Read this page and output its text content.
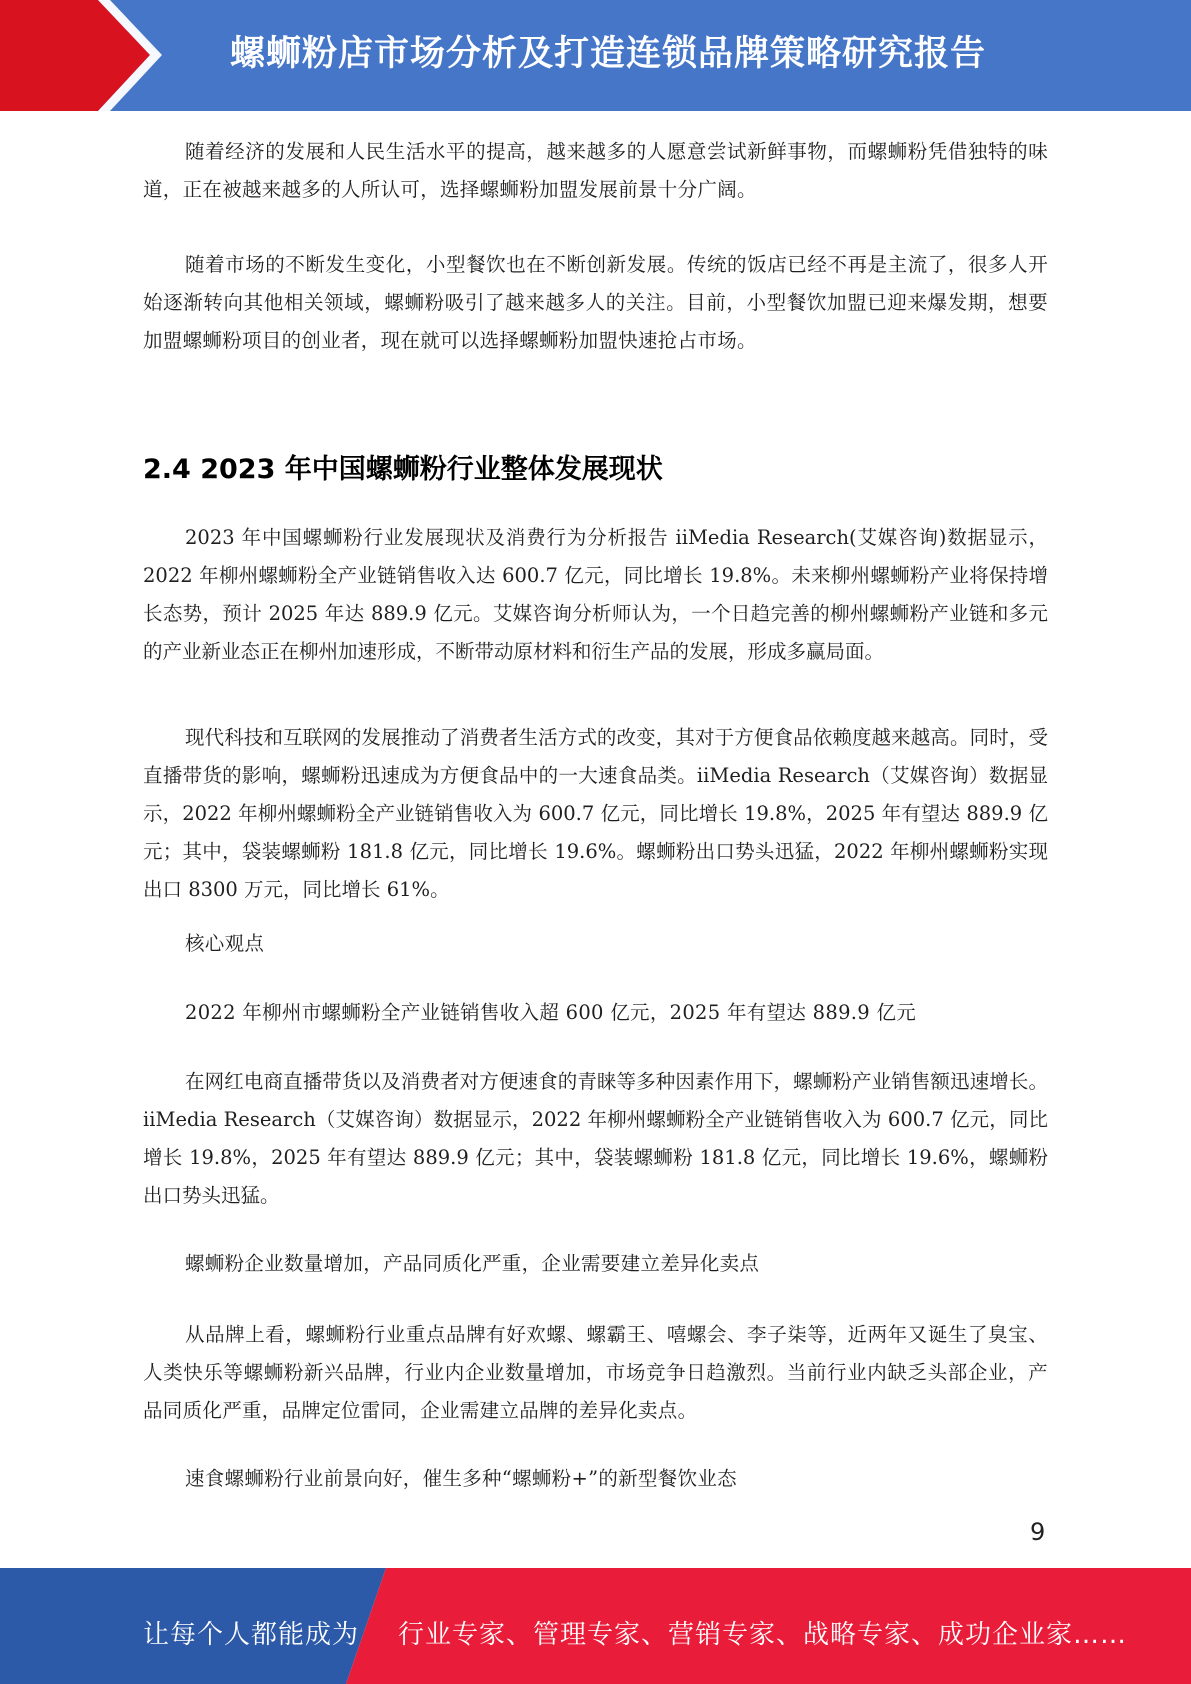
螺蛳粉店市场分析及打造连锁品牌策略研究报告

随着经济的发展和人民生活水平的提高，越来越多的人愿意尝试新鲜事物，而螺蛳粉凭借独特的味道，正在被越来越多的人所认可，选择螺蛳粉加盟发展前景十分广阔。

随着市场的不断发生变化，小型餐饮也在不断创新发展。传统的饭店已经不再是主流了，很多人开始逐渐转向其他相关领域，螺蛳粉吸引了越来越多人的关注。目前，小型餐饮加盟已迎来爆发期，想要加盟螺蛳粉项目的创业者，现在就可以选择螺蛳粉加盟快速抢占市场。

2.4 2023 年中国螺蛳粉行业整体发展现状

2023 年中国螺蛳粉行业发展现状及消费行为分析报告 iiMedia Research(艾媒咨询)数据显示，2022 年柳州螺蛳粉全产业链销售收入达 600.7 亿元，同比增长 19.8%。未来柳州螺蛳粉产业将保持增长态势，预计 2025 年达 889.9 亿元。艾媒咨询分析师认为，一个日趋完善的柳州螺蛳粉产业链和多元的产业新业态正在柳州加速形成，不断带动原材料和衍生产品的发展，形成多赢局面。

现代科技和互联网的发展推动了消费者生活方式的改变，其对于方便食品依赖度越来越高。同时，受直播带货的影响，螺蛳粉迅速成为方便食品中的一大速食品类。iiMedia Research（艾媒咨询）数据显示，2022 年柳州螺蛳粉全产业链销售收入为 600.7 亿元，同比增长 19.8%，2025 年有望达 889.9 亿元；其中，袋装螺蛳粉 181.8 亿元，同比增长 19.6%。螺蛳粉出口势头迅猛，2022 年柳州螺蛳粉实现出口 8300 万元，同比增长 61%。

核心观点

2022 年柳州市螺蛳粉全产业链销售收入超 600 亿元，2025 年有望达 889.9 亿元

在网红电商直播带货以及消费者对方便速食的青睐等多种因素作用下，螺蛳粉产业销售额迅速增长。iiMedia Research（艾媒咨询）数据显示，2022 年柳州螺蛳粉全产业链销售收入为 600.7 亿元，同比增长 19.8%，2025 年有望达 889.9 亿元；其中，袋装螺蛳粉 181.8 亿元，同比增长 19.6%，螺蛳粉出口势头迅猛。

螺蛳粉企业数量增加，产品同质化严重，企业需要建立差异化卖点

从品牌上看，螺蛳粉行业重点品牌有好欢螺、螺霸王、嘻螺会、李子柒等，近两年又诞生了臭宝、人类快乐等螺蛳粉新兴品牌，行业内企业数量增加，市场竞争日趋激烈。当前行业内缺乏头部企业，产品同质化严重，品牌定位雷同，企业需建立品牌的差异化卖点。

速食螺蛳粉行业前景向好，催生多种“螺蛳粉+”的新型餐饮业态

9
让每个人都能成为 行业专家、管理专家、营销专家、战略专家、成功企业家……
